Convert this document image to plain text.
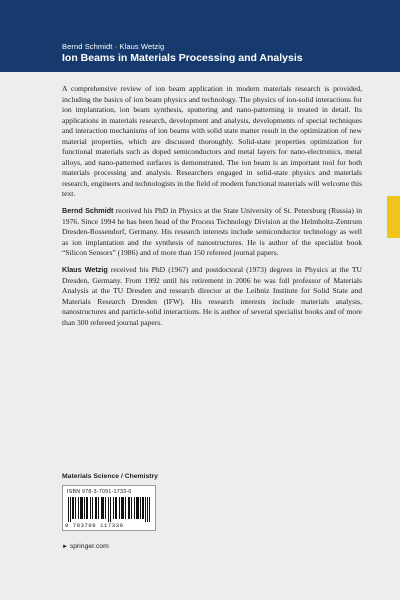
Bernd Schmidt · Klaus Wetzig
Ion Beams in Materials Processing and Analysis

A comprehensive review of ion beam application in modern materials research is provided, including the basics of ion beam physics and technology. The physics of ion-solid interactions for ion implantation, ion beam synthesis, sputtering and nano-patterning is treated in detail. Its applications in materials research, development and analysis, developments of special techniques and interaction mechanisms of ion beams with solid state matter result in the optimization of new material properties, which are discussed thoroughly. Solid-state properties optimization for functional materials such as doped semiconductors and metal layers for nano-electronics, metal alloys, and nano-patterned surfaces is demonstrated. The ion beam is an important tool for both materials processing and analysis. Researchers engaged in solid-state physics and materials research, engineers and technologists in the field of modern functional materials will welcome this text.

Bernd Schmidt received his PhD in Physics at the State University of St. Petersburg (Russia) in 1976. Since 1994 he has been head of the Process Technology Division at the Helmholtz-Zentrum Dresden-Rossendorf, Germany. His research interests include semiconductor technology as well as ion implantation and the synthesis of nanostructures. He is author of the specialist book “Silicon Sensors” (1986) and of more than 150 refereed journal papers.

Klaus Wetzig received his PhD (1967) and postdoctoral (1973) degrees in Physics at the TU Dresden, Germany. From 1992 until his retirement in 2006 he was full professor of Materials Analysis at the TU Dresden and research director at the Leibniz Institute for Solid State and Materials Research Dresden (IFW). His research interests include materials analysis, nanostructures and particle-solid interactions. He is author of several specialist books and of more than 300 refereed journal papers.

Materials Science / Chemistry
ISBN 978-3-7091-1733-0
9 783709 117330
► springer.com
